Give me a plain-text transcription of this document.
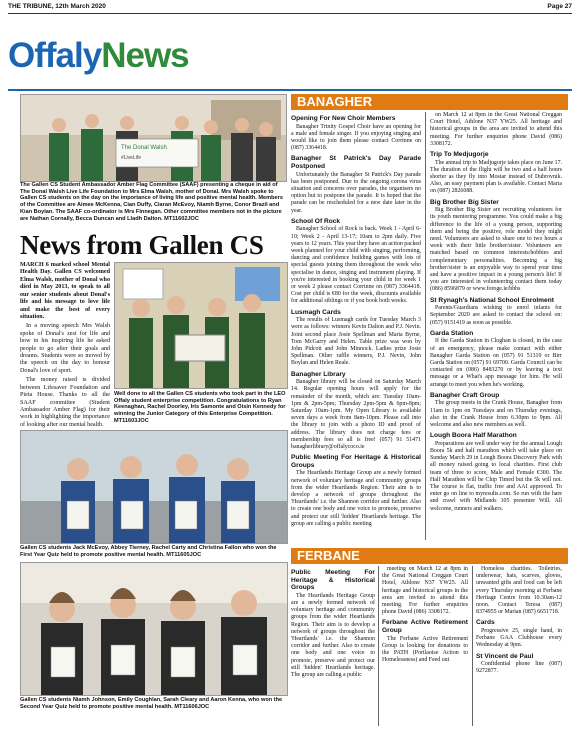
THE TRIBUNE, 12th March 2020	Page 27
OffalyNews
The Donal Walsh
#LiveLife
The Gallen CS Student Ambassador Amber Flag Committee (SAAF) presenting a cheque in aid of The Donal Walsh Live Life Foundation to Mrs Elma Walsh, mother of Donal. Mrs Walsh spoke to Gallen CS students on the day on the importance of living life and positive mental health. Members of the Committee are Aimee McKenna, Cian Duffy, Ciaran McEvoy, Niamh Byrne, Conor Brazil and Kian Boylan. The SAAF co-ordinator is Mrs Finnegan. Other committee members not in the picture are Nathan Cornally, Becca Duncan and Lladh Dalton. MT11602JOC
News from Gallen CS

MARCH 6 marked school Mental Health Day. Gallen CS welcomed Elma Walsh, mother of Donal who died in May 2013, to speak to all our senior students about Donal's life and his message to love life and make the best of every situation.

In a moving speech Mrs Walsh spoke of Donal's zest for life and how in his inspiring life he asked people to go after their goals and dreams. Students were so moved by the speech on the day to honour Donal's love of sport.

The money raised is divided between Lifesaver Foundation and Pieta House. Thanks to all the SAAF committee (Student Ambassador Amber Flag) for their work in highlighting the importance of looking after our mental health.

Well done to all the Gallen CS students who took part in the LEO Offaly student enterprise competition. Congratulations to Ryan Keenaghan, Rachel Doorley, Iris Samonte and Oisin Kennedy for winning the Junior Category of this Enterprise Competition. MT11603JOC
Gallen CS students Jack McEvoy, Abbey Tierney, Rachel Carty and Christina Fallon who won the First Year Quiz held to promote positive mental health. MT11605JOC
Gallen CS students Niamh Johnson, Emily Coughlan, Sarah Cleary and Aaron Kenna, who won the Second Year Quiz held to promote positive mental health. MT11606JOC
BANAGHER
Opening For New Choir Members

Banagher Trinity Gospel Choir have an opening for a male and female singer. If you enjoying singing and would like to join them please contact Corrinne on (087) 3364418.

Banagher St Patrick's Day Parade Postponed

Unfortunately the Banagher St Patrick's Day parade has been postponed. Due to the ongoing corona virus situation and concerns over parades, the organisers no option but to postpone the parade. It is hoped that the parade can be rescheduled for a new date later in the year.

School Of Rock

Banagher School of Rock is back. Week 1 - April 6-10; Week 2 - April 13-17; 10am to 2pm daily. Five years to 12 years. This year they have an action packed week planned for your child with singing, performing, dancing and confidence building games with lots of special guests joining them throughout the week who specialise in dance, singing and instrument playing. If you're interested in booking your child in for week 1 or week 2 please contact Corrinne on (087) 3364418. Cost per child is €80 for the week, discounts available for additional siblings or if you book both weeks.

Lusmagh Cards

The results of Lusmagh cards for Tuesday March 3 were as follows: winners Kevin Dalton and P.J. Nevin. Joint second place Josie Spellman and Maria Byrne, Tom McGarry and Helen. Table prize was won by John Pidcott and John Minnock. Ladies prize Josie Spellman. Other raffle winners, P.J. Nevin, John Boylan and Helen Reale.

Banagher Library

Banagher library will be closed on Saturday March 14. Regular opening hours will apply for the remainder of the month, which are: Tuesday 10am-1pm & 2pm-5pm; Thursday 2pm-5pm & 6pm-8pm; Saturday 10am-1pm. My Open Library is available seven days a week from 8am-10pm. Please call into the library to join with a photo ID and proof of address. The library does not charge fees or membership fees so all is free! (057) 91 51471 banagherlibrary@offalycoco.ie

Public Meeting For Heritage & Historical Groups

The Heartlands Heritage Group are a newly formed network of voluntary heritage and community groups from the wider Heartlands Region. Their aim is to develop a network of groups throughout the 'Heartlands' i.e. the Shannon corridor and further. Also to create one body and one voice to promote, preserve and protect our still 'hidden' Heartlands heritage. The group are calling a public meeting

on March 12 at 8pm in the Great National Creggan Court Hotel, Athlone N37 YW25. All heritage and historical groups in the area are invited to attend this meeting. For further enquiries phone David (086) 3308172.

Trip To Medjugorje

The annual trip to Madjugorje takes place on June 17. The duration of the flight will be two and a half hours shorter as they fly into Mostar instead of Dubrovnik. Also, an easy payment plan is available. Contact Maria on (087) 2826088.

Big Brother Big Sister

Big Brother Big Sister are recruiting volunteers for its youth mentoring programme. You could make a big difference to the life of a young person, supporting them and being the positive, role model they might need. Volunteers are asked to share one to two hours a week with their little brother/sister. Volunteers are matched based on common interests/hobbies and complementary personalities. Becoming a big brother/sister is an enjoyable way to spend your time and have a positive impact in a young person's life! If you are interested in volunteering contact them today (086) 8596879 or www.foroge.ie/bbbs

St Rynagh's National School Enrolment

Parents/Guardians wishing to enrol infants for September 2020 are asked to contact the school on: (057) 9151419 as soon as possible.

Garda Station

If the Garda Station in Cloghan is closed, in the case of an emergency, please make contact with either Banagher Garda Station on (057) 91 51310 or Birr Garda Station on (057) 91 69700. Garda Council can be contacted on (086) 8483270 or by leaving a text message or a What's app message for him. He will arrange to meet you when he's working.

Banagher Craft Group

The group meets in the Crank House, Banagher from 11am to 1pm on Tuesdays and on Thursday evenings, also in the Crank House from 6.30pm to 9pm. All welcome and also new members as well.

Lough Boora Half Marathon

Preparations are well under way for the annual Lough Boora 5k and half marathon which will take place on Sunday March 29 in Lough Boora Discovery Park with all money raised going to local charities. First club team of three to score, Male and Female €300. The Half Marathon will be Chip Timed but the 5k will not. The course is flat, traffic free and AAI approved. To enter go on line to myresults.com. So run with the hare and crawl with Midlands 105 presenter Will. All welcome, runners and walkers.

FERBANE
Public Meeting For Heritage & Historical Groups

The Heartlands Heritage Group are a newly formed network of voluntary heritage and community groups from the wider Heartlands Region. Their aim is to develop a network of groups throughout the 'Heartlands' i.e. the Shannon corridor and further. Also to create one body and one voice to promote, preserve and protect our still 'hidden' Heartlands heritage. The group are calling a public

meeting on March 12 at 8pm in the Great National Creggan Court Hotel, Athlone N37 YW25. All heritage and historical groups in the area are invited to attend this meeting. For further enquiries phone David (086) 3308172.

Ferbane Active Retirement Group

The Ferbane Active Retirement Group is looking for donations to the PATH (Portlaoise Action to Homelessness) and Feed out

Homeless charities. Toiletries, underwear, hats, scarves, gloves, unwanted gifts and food can be left every Thursday morning at Ferbane Heritage Centre from 10.30am-12 noon. Contact Teresa (087) 8374955 or Marian (087) 6651718.

Cards

Progressive 25, single hand, in Ferbane GAA Clubhouse every Wednesday at 9pm.

St Vincent de Paul

Confidential phone line (087) 9272877.
